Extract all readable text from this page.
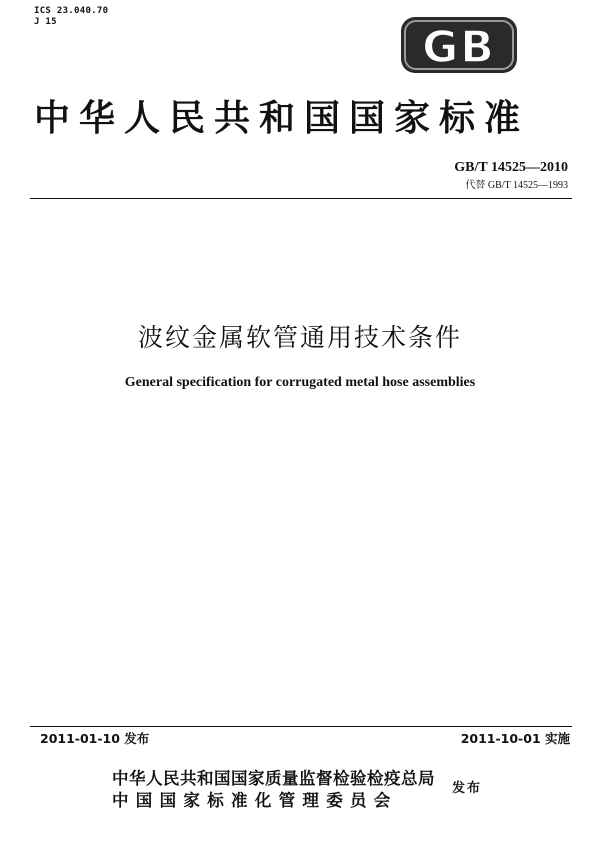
ICS 23.040.70
J 15	GB
中华人民共和国国家标准
GB/T 14525—2010
代替 GB/T 14525—1993
波纹金属软管通用技术条件
General specification for corrugated metal hose assemblies
2011-01-10 发布	2011-10-01 实施
中华人民共和国国家质量监督检验检疫总局
中国国家标准化管理委员会
发布
